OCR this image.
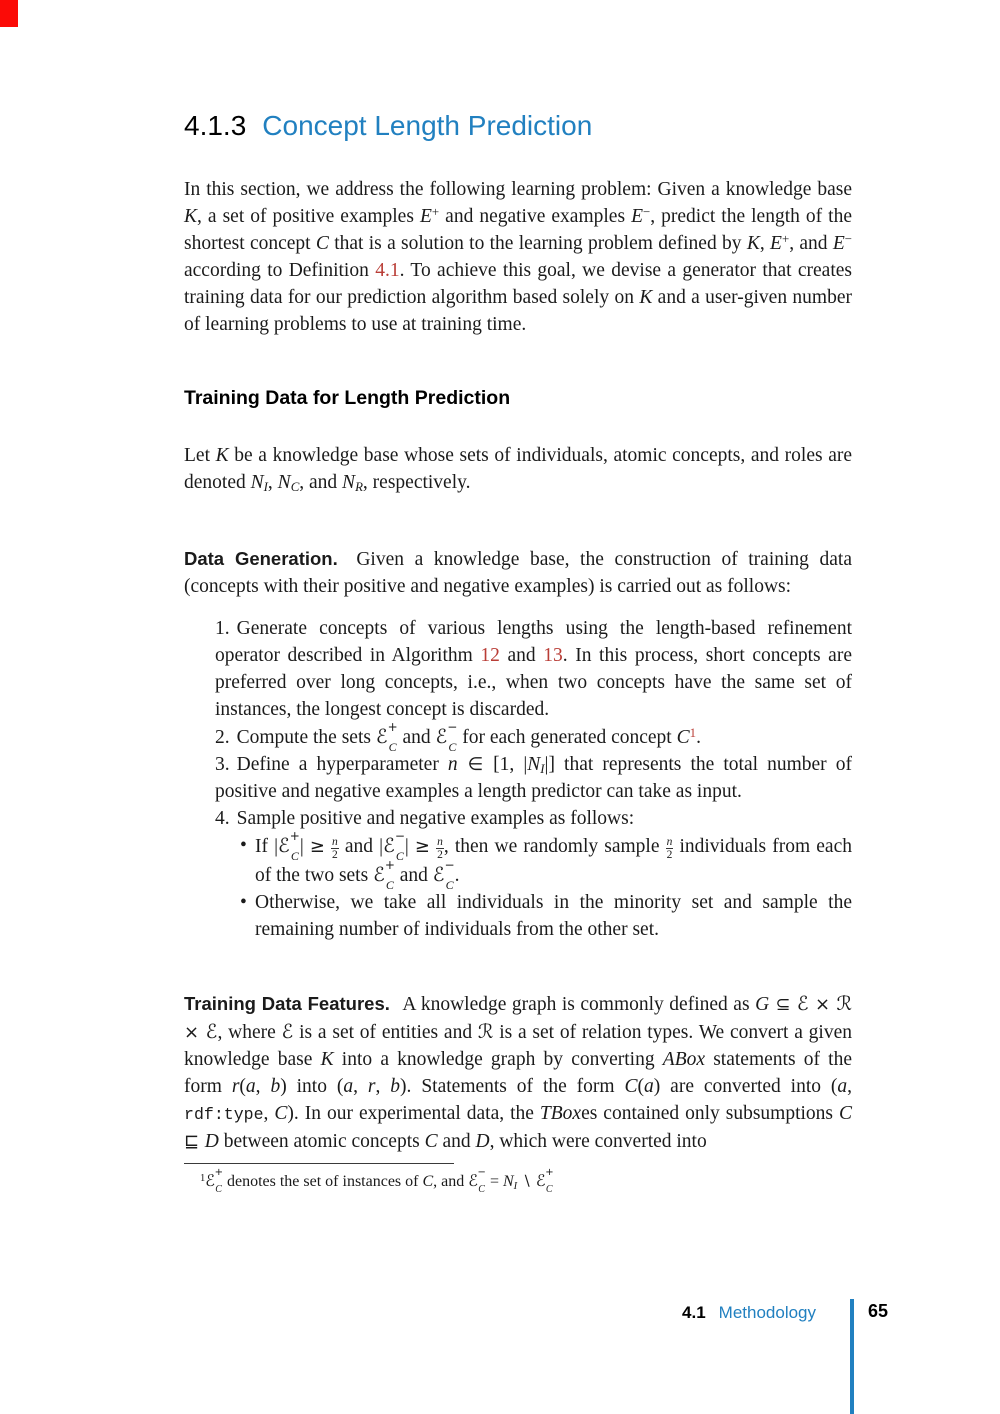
4.1.3 Concept Length Prediction
In this section, we address the following learning problem: Given a knowledge base K, a set of positive examples E+ and negative examples E−, predict the length of the shortest concept C that is a solution to the learning problem defined by K, E+, and E− according to Definition 4.1. To achieve this goal, we devise a generator that creates training data for our prediction algorithm based solely on K and a user-given number of learning problems to use at training time.
Training Data for Length Prediction
Let K be a knowledge base whose sets of individuals, atomic concepts, and roles are denoted NI, NC, and NR, respectively.
Data Generation. Given a knowledge base, the construction of training data (concepts with their positive and negative examples) is carried out as follows:
1. Generate concepts of various lengths using the length-based refinement operator described in Algorithm 12 and 13. In this process, short concepts are preferred over long concepts, i.e., when two concepts have the same set of instances, the longest concept is discarded.
2. Compute the sets ℰ +
C and ℰ −
C for each generated concept $C^1$.
3. Define a hyperparameter n ∈ [1, |NI|] that represents the total number of positive and negative examples a length predictor can take as input.
4. Sample positive and negative examples as follows:
• If |ℰ +
C | ≥ $\frac{n}{2}$ and |ℰ −
C | ≥ $\frac{n}{2}$ , then we randomly sample $\frac{n}{2}$ individuals from each of the two sets ℰ +
C and ℰ −
C .
• Otherwise, we take all individuals in the minority set and sample the remaining number of individuals from the other set.
Training Data Features. A knowledge graph is commonly defined as G ⊆ ℰ × ℛ × ℰ, where ℰ is a set of entities and ℛ is a set of relation types. We convert a given knowledge base K into a knowledge graph by converting ABox statements of the form r(a, b) into (a, r, b). Statements of the form C(a) are converted into (a, rdf:type, C). In our experimental data, the TBoxes contained only subsumptions C ⊑ D between atomic concepts C and D, which were converted into
$^1$ℰ +
C denotes the set of instances of C, and ℰ −
C = NI ∖ ℰ +
C
4.1 Methodology	65
